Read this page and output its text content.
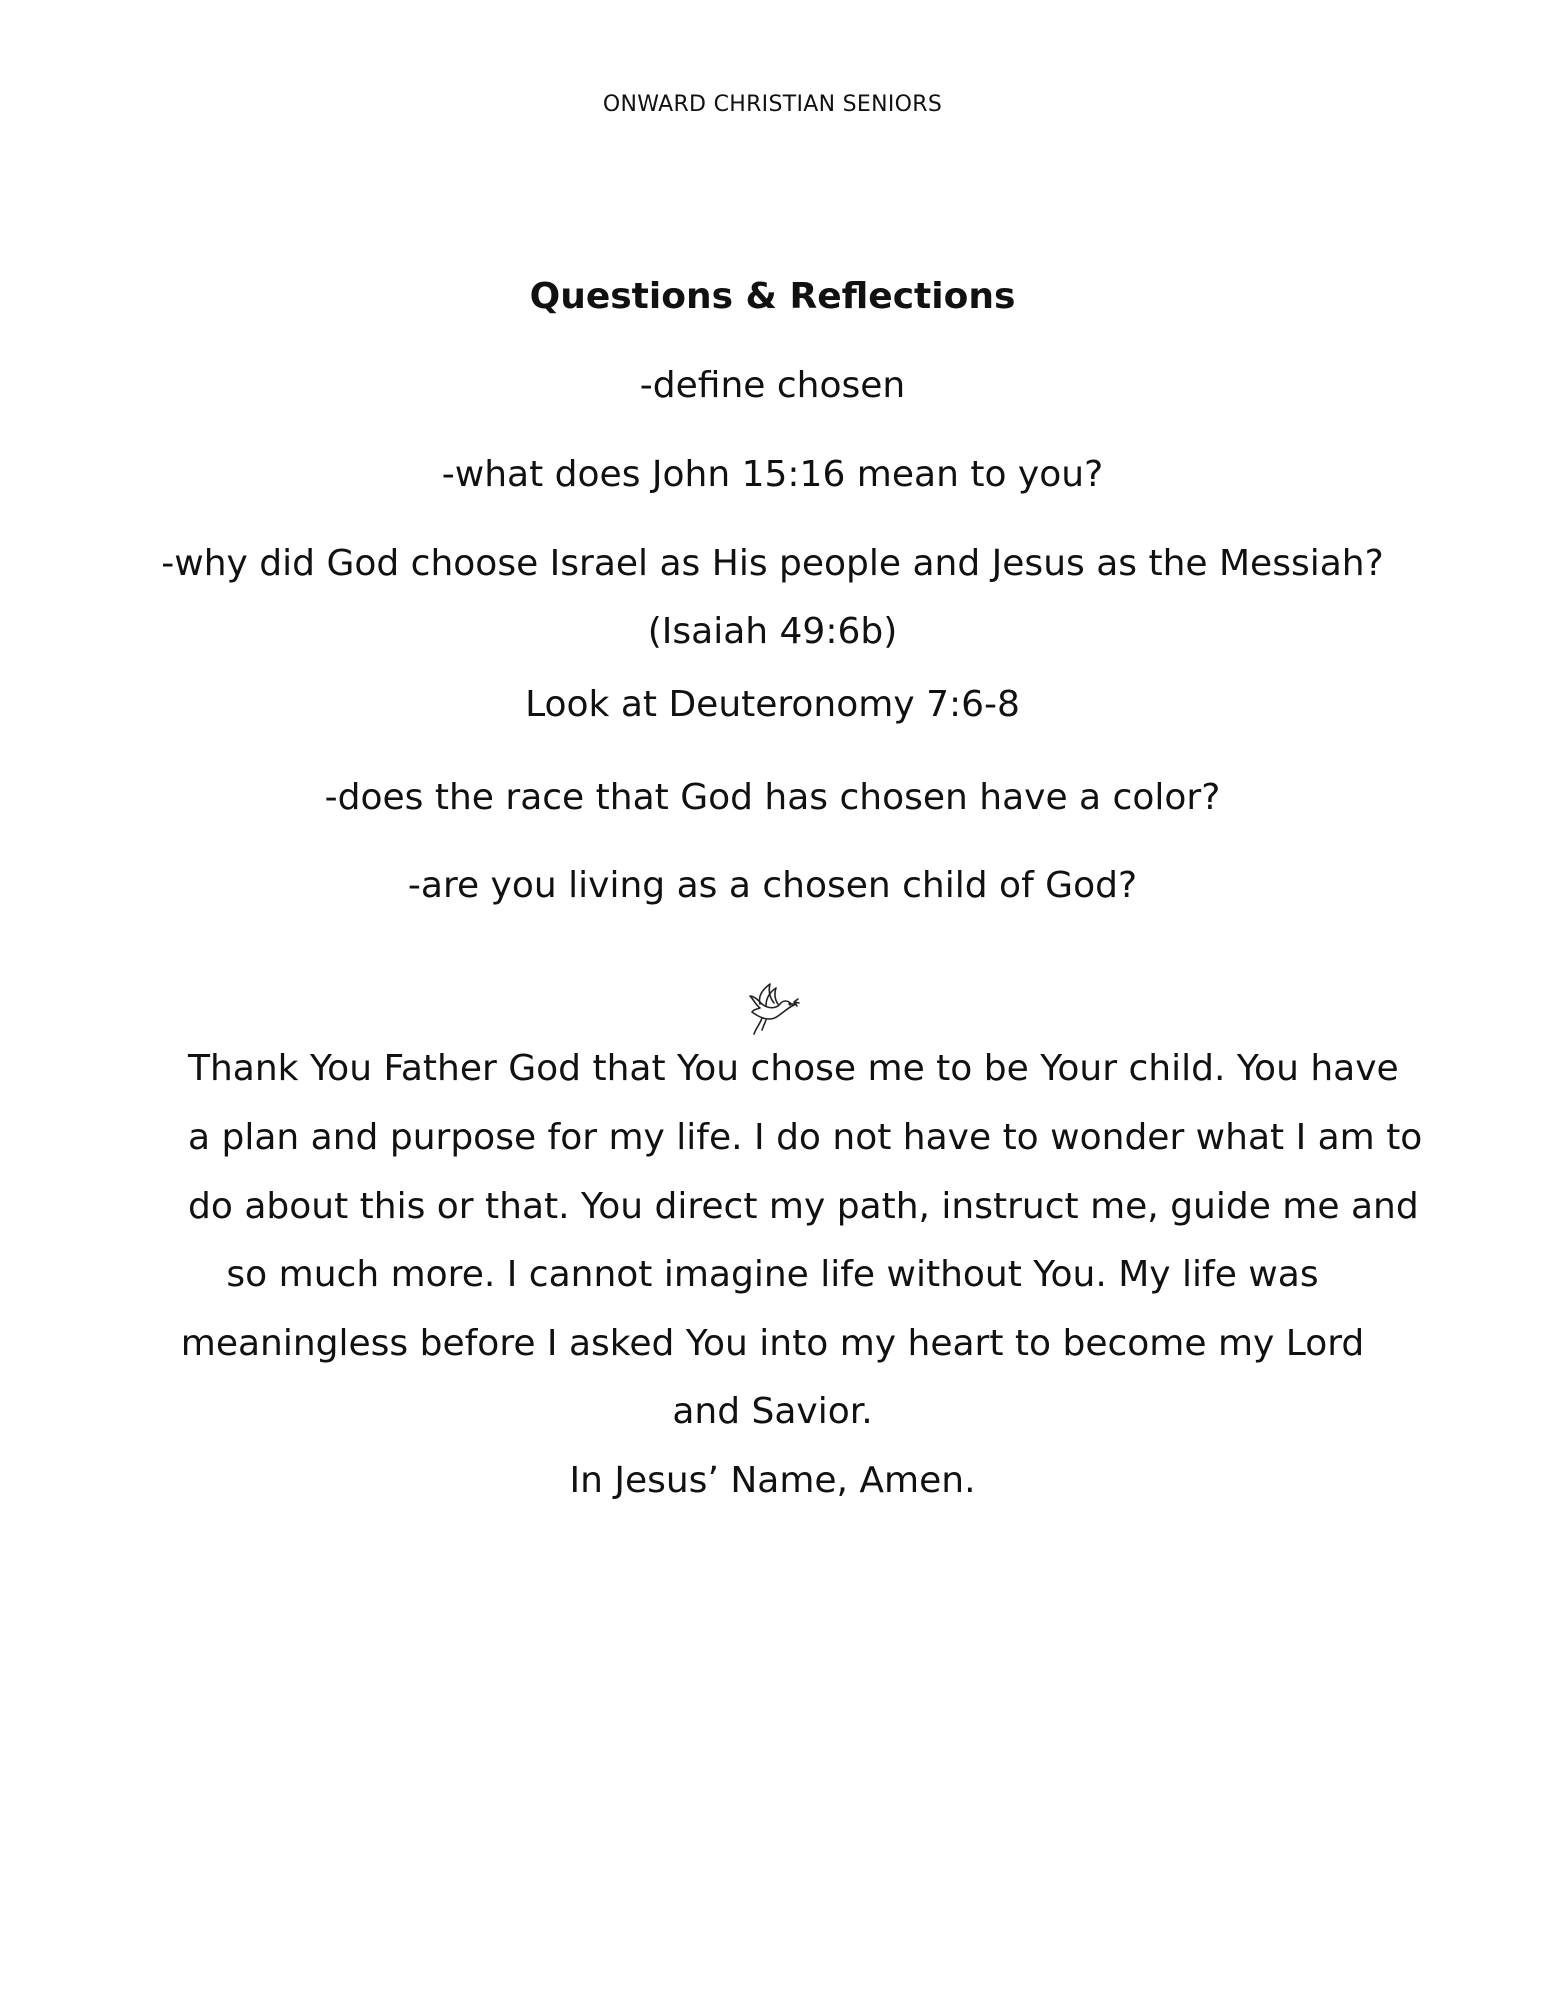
ONWARD CHRISTIAN SENIORS
Questions & Reflections
-define chosen
-what does John 15:16 mean to you?
-why did God choose Israel as His people and Jesus as the Messiah?
(Isaiah 49:6b)
Look at Deuteronomy 7:6-8
-does the race that God has chosen have a color?
-are you living as a chosen child of God?
Thank You Father God that You chose me to be Your child. You have
a plan and purpose for my life. I do not have to wonder what I am to
do about this or that. You direct my path, instruct me, guide me and
so much more. I cannot imagine life without You. My life was
meaningless before I asked You into my heart to become my Lord
and Savior.
In Jesus’ Name, Amen.
